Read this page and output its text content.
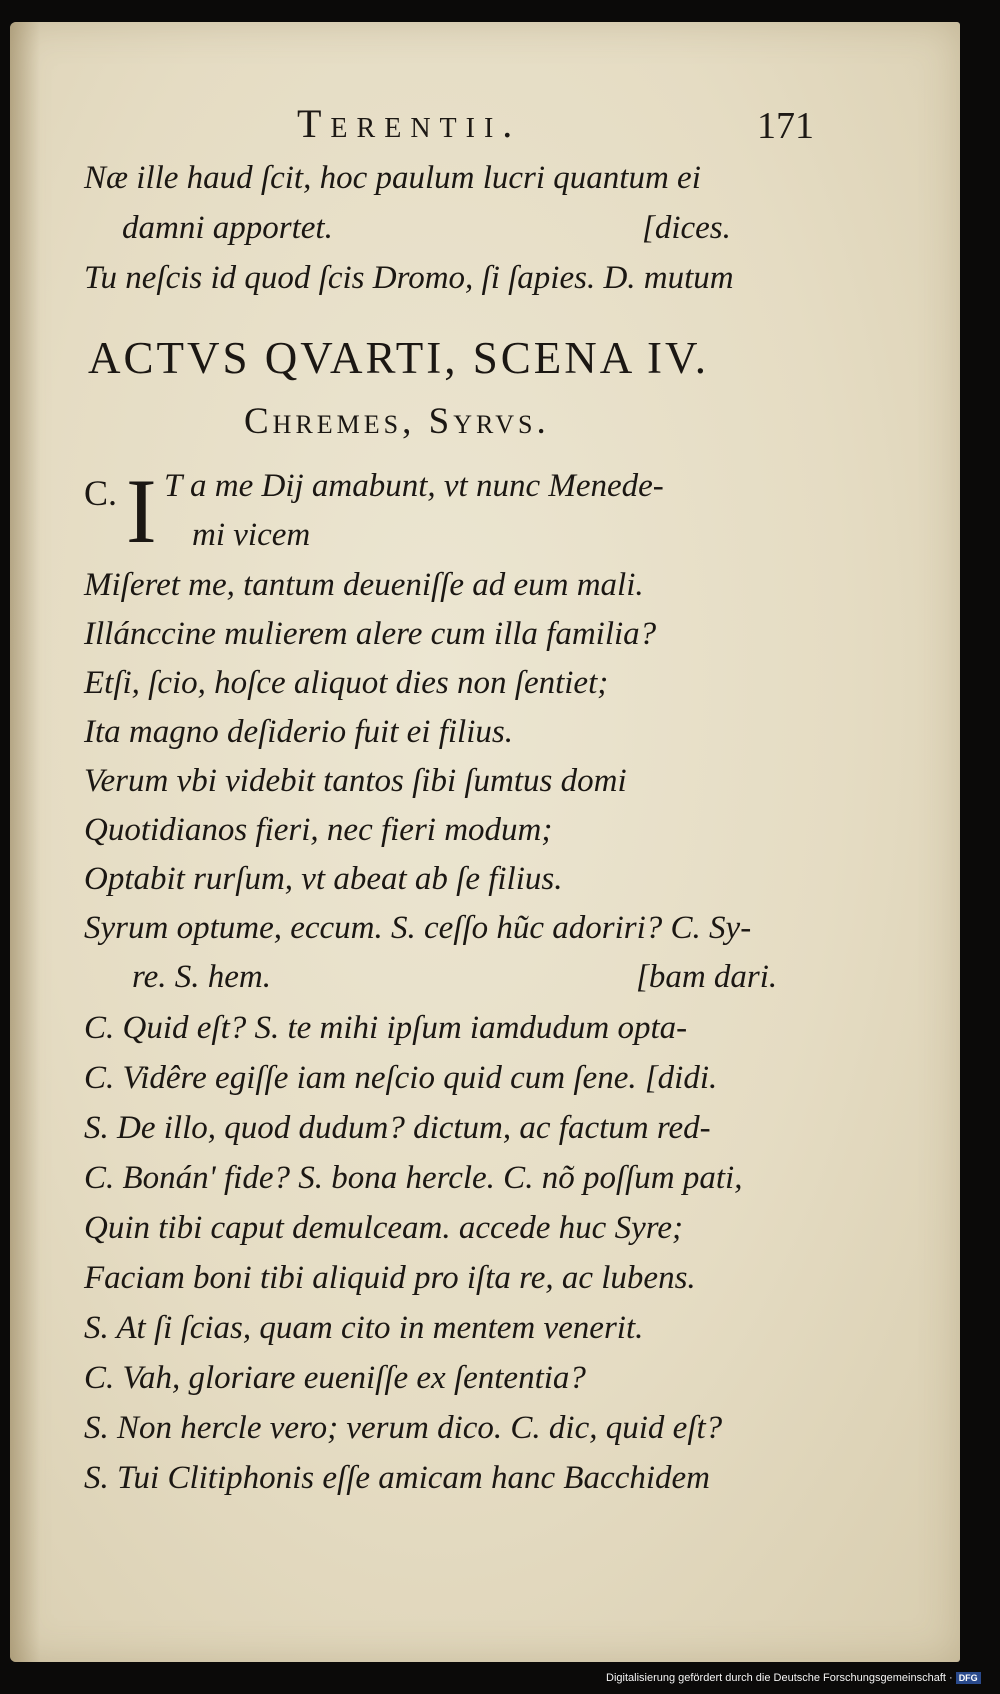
Terentii.	171
Næ ille haud ſcit, hoc paulum lucri quantum ei
damni apportet.	[dices.
Tu neſcis id quod ſcis Dromo, ſi ſapies. D. mutum
ACTVS QVARTI, SCENA IV.
Chremes, Syrvs.
C. I T a me Dij amabunt, vt nunc Menede-
mi vicem
Miſeret me, tantum deueniſſe ad eum mali.
Illánccine mulierem alere cum illa familia?
Etſi, ſcio, hoſce aliquot dies non ſentiet;
Ita magno deſiderio fuit ei filius.
Verum vbi videbit tantos ſibi ſumtus domi
Quotidianos fieri, nec fieri modum;
Optabit rurſum, vt abeat ab ſe filius.
Syrum optume, eccum. S. ceſſo hũc adoriri? C. Sy-
re. S. hem.	[bam dari.
C. Quid eſt? S. te mihi ipſum iamdudum opta-
C. Vidêre egiſſe iam neſcio quid cum ſene. [didi.
S. De illo, quod dudum? dictum, ac factum red-
C. Bonán' fide? S. bona hercle. C. nõ poſſum pati,
Quin tibi caput demulceam. accede huc Syre;
Faciam boni tibi aliquid pro iſta re, ac lubens.
S. At ſi ſcias, quam cito in mentem venerit.
C. Vah, gloriare eueniſſe ex ſententia?
S. Non hercle vero; verum dico. C. dic, quid eſt?
S. Tui Clitiphonis eſſe amicam hanc Bacchidem
Digitalisierung gefördert durch die Deutsche Forschungsgemeinschaft · DFG
